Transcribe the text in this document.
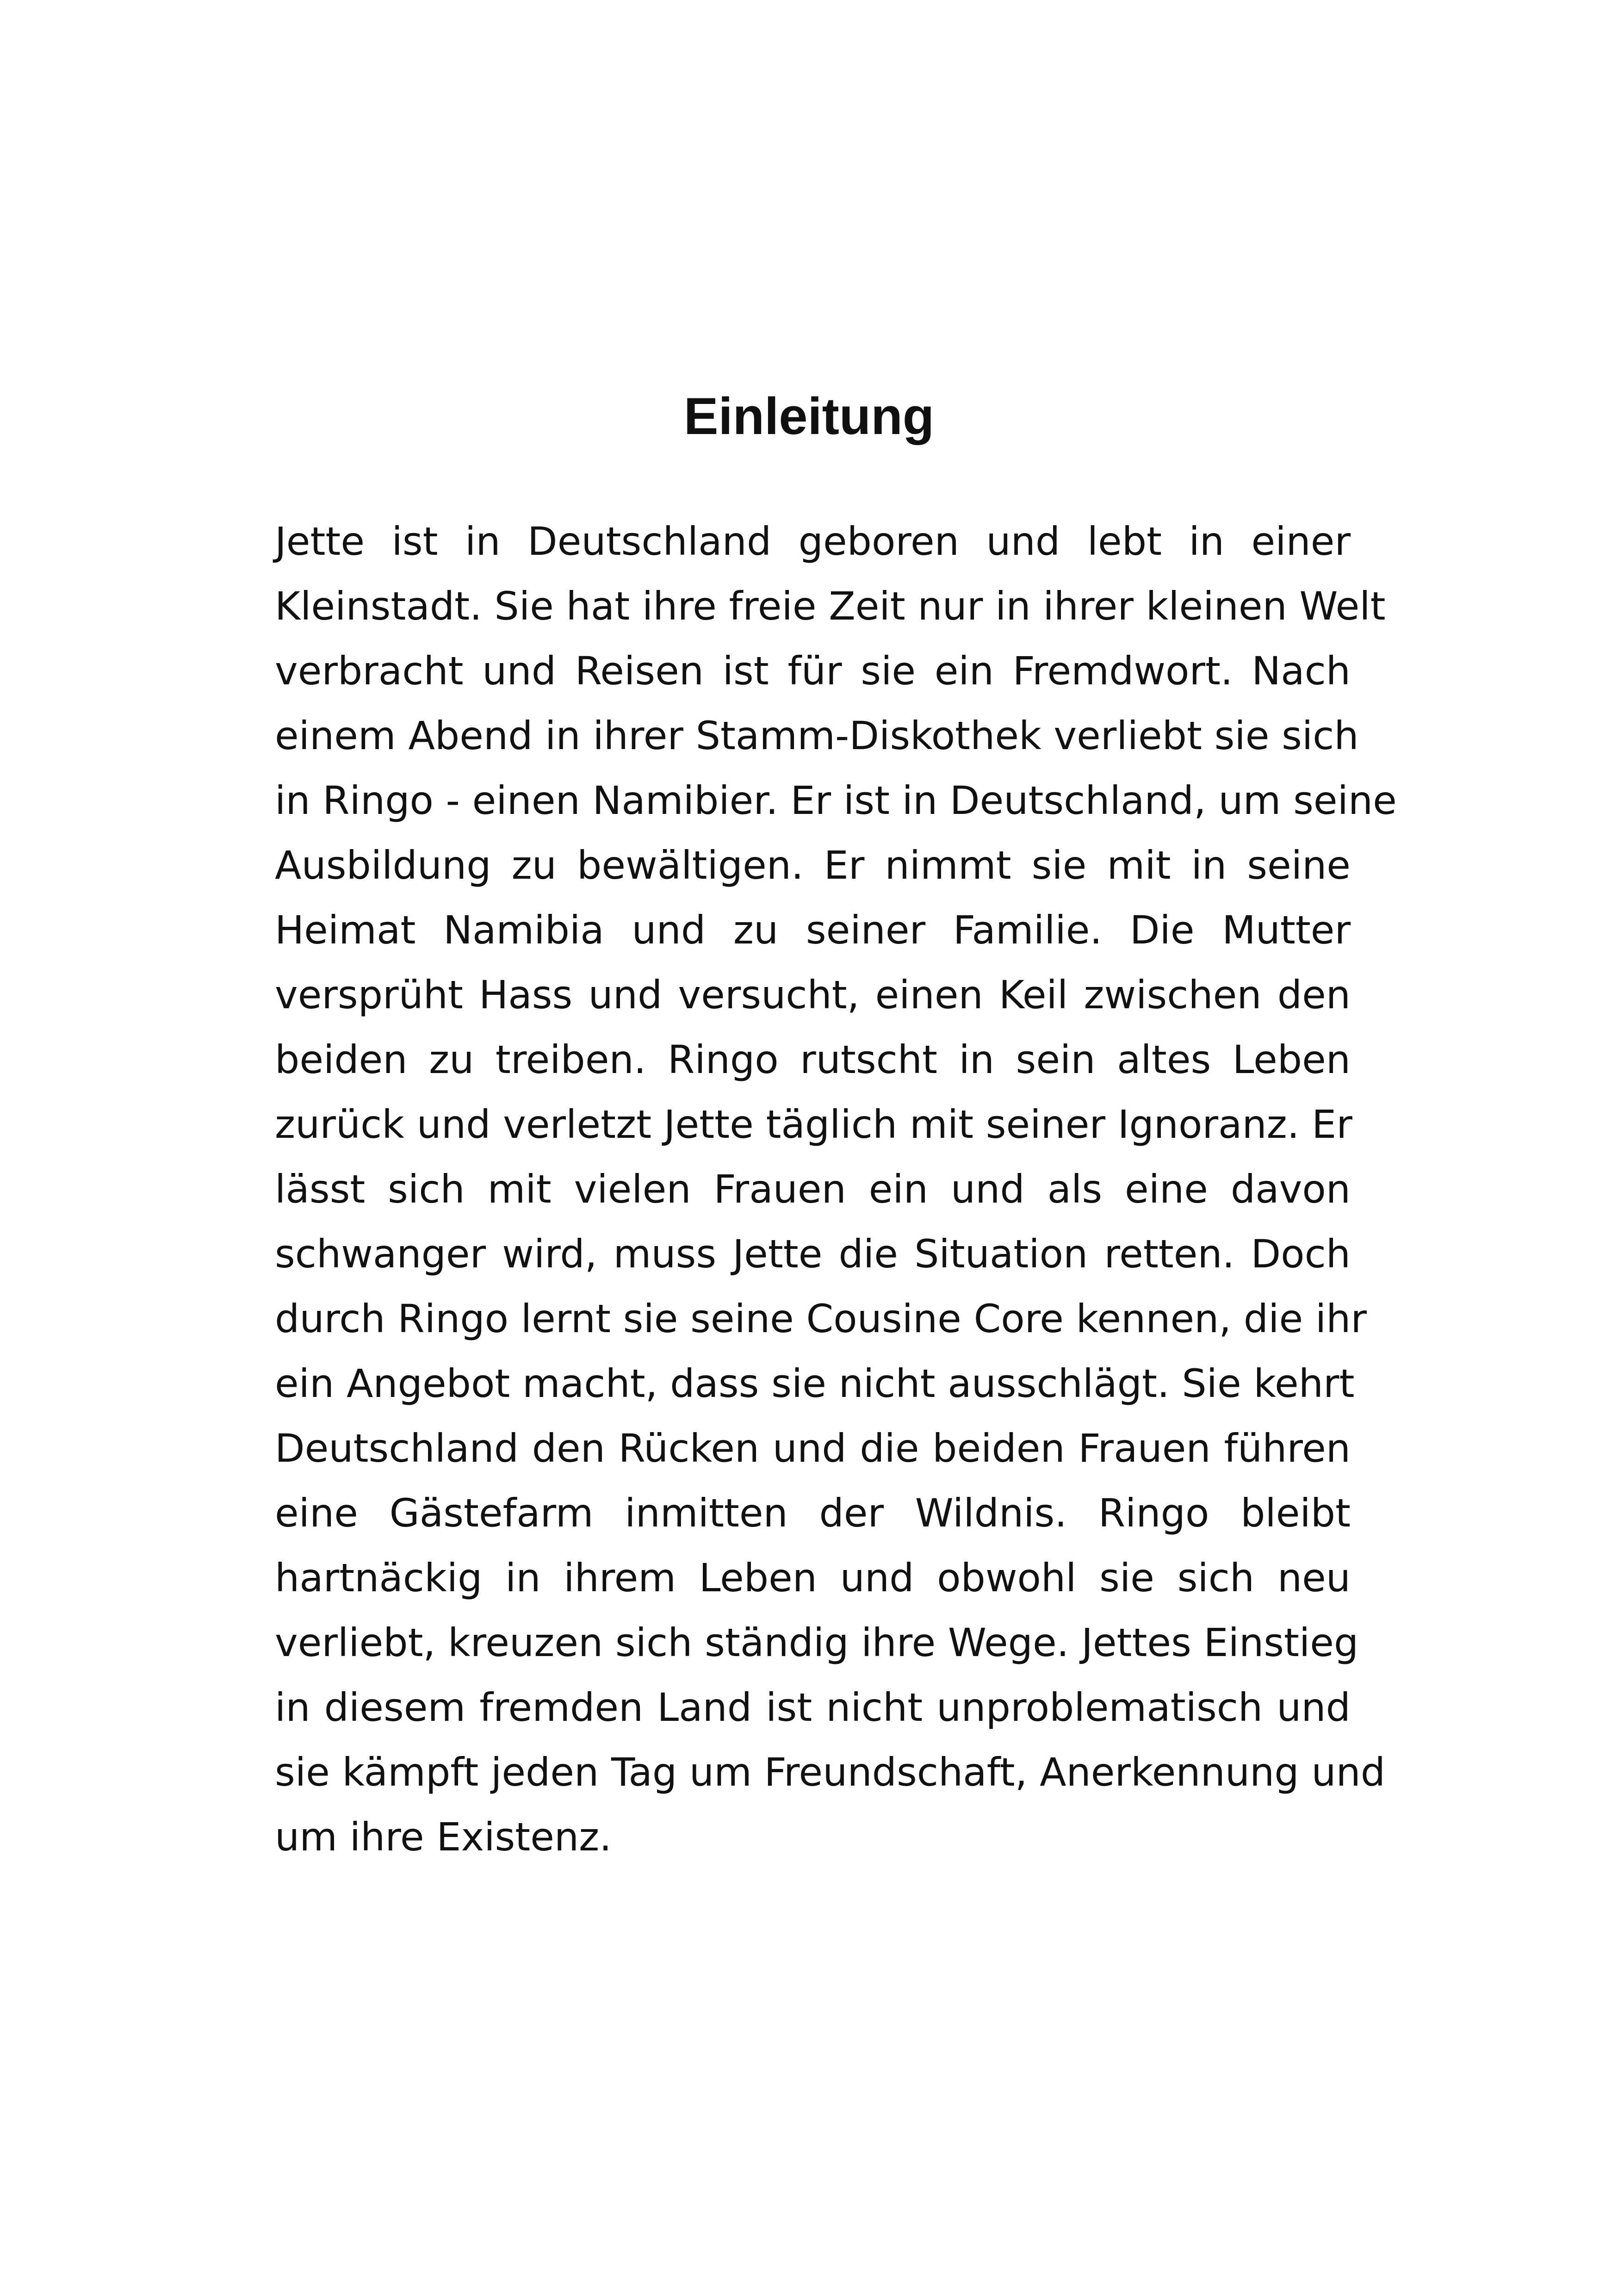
Einleitung
Jette ist in Deutschland geboren und lebt in einer
Kleinstadt. Sie hat ihre freie Zeit nur in ihrer kleinen Welt
verbracht und Reisen ist für sie ein Fremdwort. Nach
einem Abend in ihrer Stamm-Diskothek verliebt sie sich
in Ringo - einen Namibier. Er ist in Deutschland, um seine
Ausbildung zu bewältigen. Er nimmt sie mit in seine
Heimat Namibia und zu seiner Familie. Die Mutter
versprüht Hass und versucht, einen Keil zwischen den
beiden zu treiben. Ringo rutscht in sein altes Leben
zurück und verletzt Jette täglich mit seiner Ignoranz. Er
lässt sich mit vielen Frauen ein und als eine davon
schwanger wird, muss Jette die Situation retten. Doch
durch Ringo lernt sie seine Cousine Core kennen, die ihr
ein Angebot macht, dass sie nicht ausschlägt. Sie kehrt
Deutschland den Rücken und die beiden Frauen führen
eine Gästefarm inmitten der Wildnis. Ringo bleibt
hartnäckig in ihrem Leben und obwohl sie sich neu
verliebt, kreuzen sich ständig ihre Wege. Jettes Einstieg
in diesem fremden Land ist nicht unproblematisch und
sie kämpft jeden Tag um Freundschaft, Anerkennung und
um ihre Existenz.
